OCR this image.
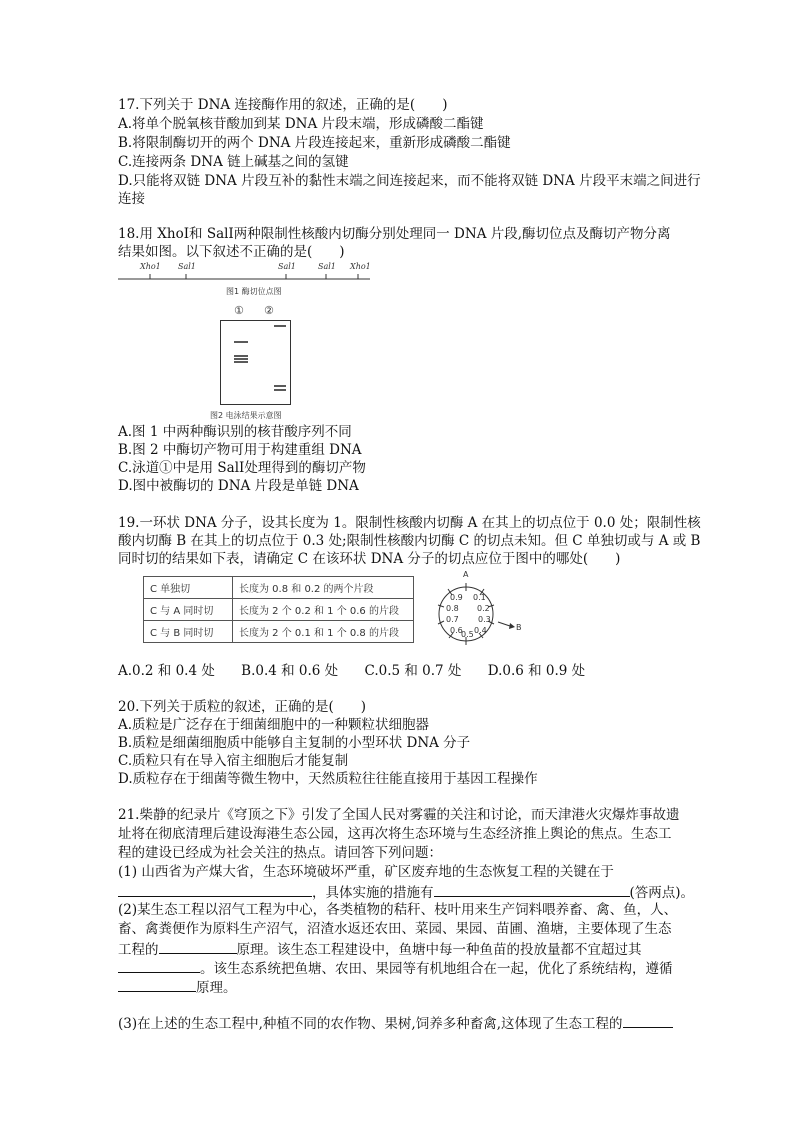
17.下列关于 DNA 连接酶作用的叙述，正确的是(　　)
A.将单个脱氧核苷酸加到某 DNA 片段末端，形成磷酸二酯键
B.将限制酶切开的两个 DNA 片段连接起来，重新形成磷酸二酯键
C.连接两条 DNA 链上碱基之间的氢键
D.只能将双链 DNA 片段互补的黏性末端之间连接起来，而不能将双链 DNA 片段平末端之间进行
连接
18.用 XhoⅠ和 SalⅠ两种限制性核酸内切酶分别处理同一 DNA 片段,酶切位点及酶切产物分离
结果如图。以下叙述不正确的是(　　)
Xho1 Sal1	Sal1	Sal1 Xho1
图1 酶切位点图
① ②
图2 电泳结果示意图
A.图 1 中两种酶识别的核苷酸序列不同
B.图 2 中酶切产物可用于构建重组 DNA
C.泳道①中是用 SalⅠ处理得到的酶切产物
D.图中被酶切的 DNA 片段是单链 DNA
19.一环状 DNA 分子，设其长度为 1。限制性核酸内切酶 A 在其上的切点位于 0.0 处；限制性核
酸内切酶 B 在其上的切点位于 0.3 处;限制性核酸内切酶 C 的切点未知。但 C 单独切或与 A 或 B
同时切的结果如下表，请确定 C 在该环状 DNA 分子的切点应位于图中的哪处(　　)
C 单独切	长度为 0.8 和 0.2 的两个片段
C 与 A 同时切	长度为 2 个 0.2 和 1 个 0.6 的片段
C 与 B 同时切	长度为 2 个 0.1 和 1 个 0.8 的片段
A
B
0.9 0.1
0.8 0.2
0.7 0.3
0.6 0.4
0.5
A.0.2 和 0.4 处 B.0.4 和 0.6 处 C.0.5 和 0.7 处 D.0.6 和 0.9 处
20.下列关于质粒的叙述，正确的是(　　)
A.质粒是广泛存在于细菌细胞中的一种颗粒状细胞器
B.质粒是细菌细胞质中能够自主复制的小型环状 DNA 分子
C.质粒只有在导入宿主细胞后才能复制
D.质粒存在于细菌等微生物中，天然质粒往往能直接用于基因工程操作
21.柴静的纪录片《穹顶之下》引发了全国人民对雾霾的关注和讨论，而天津港火灾爆炸事故遗
址将在彻底清理后建设海港生态公园，这再次将生态环境与生态经济推上舆论的焦点。生态工
程的建设已经成为社会关注的热点。请回答下列问题：
(1) 山西省为产煤大省，生态环境破坏严重，矿区废弃地的生态恢复工程的关键在于
，具体实施的措施有	(答两点)。
(2)某生态工程以沼气工程为中心，各类植物的秸秆、枝叶用来生产饲料喂养畜、禽、鱼，人、
畜、禽粪便作为原料生产沼气，沼渣水返还农田、菜园、果园、苗圃、渔塘，主要体现了生态
工程的	原理。该生态工程建设中，鱼塘中每一种鱼苗的投放量都不宜超过其
。该生态系统把鱼塘、农田、果园等有机地组合在一起，优化了系统结构，遵循
原理。
(3)在上述的生态工程中,种植不同的农作物、果树,饲养多种畜禽,这体现了生态工程的
